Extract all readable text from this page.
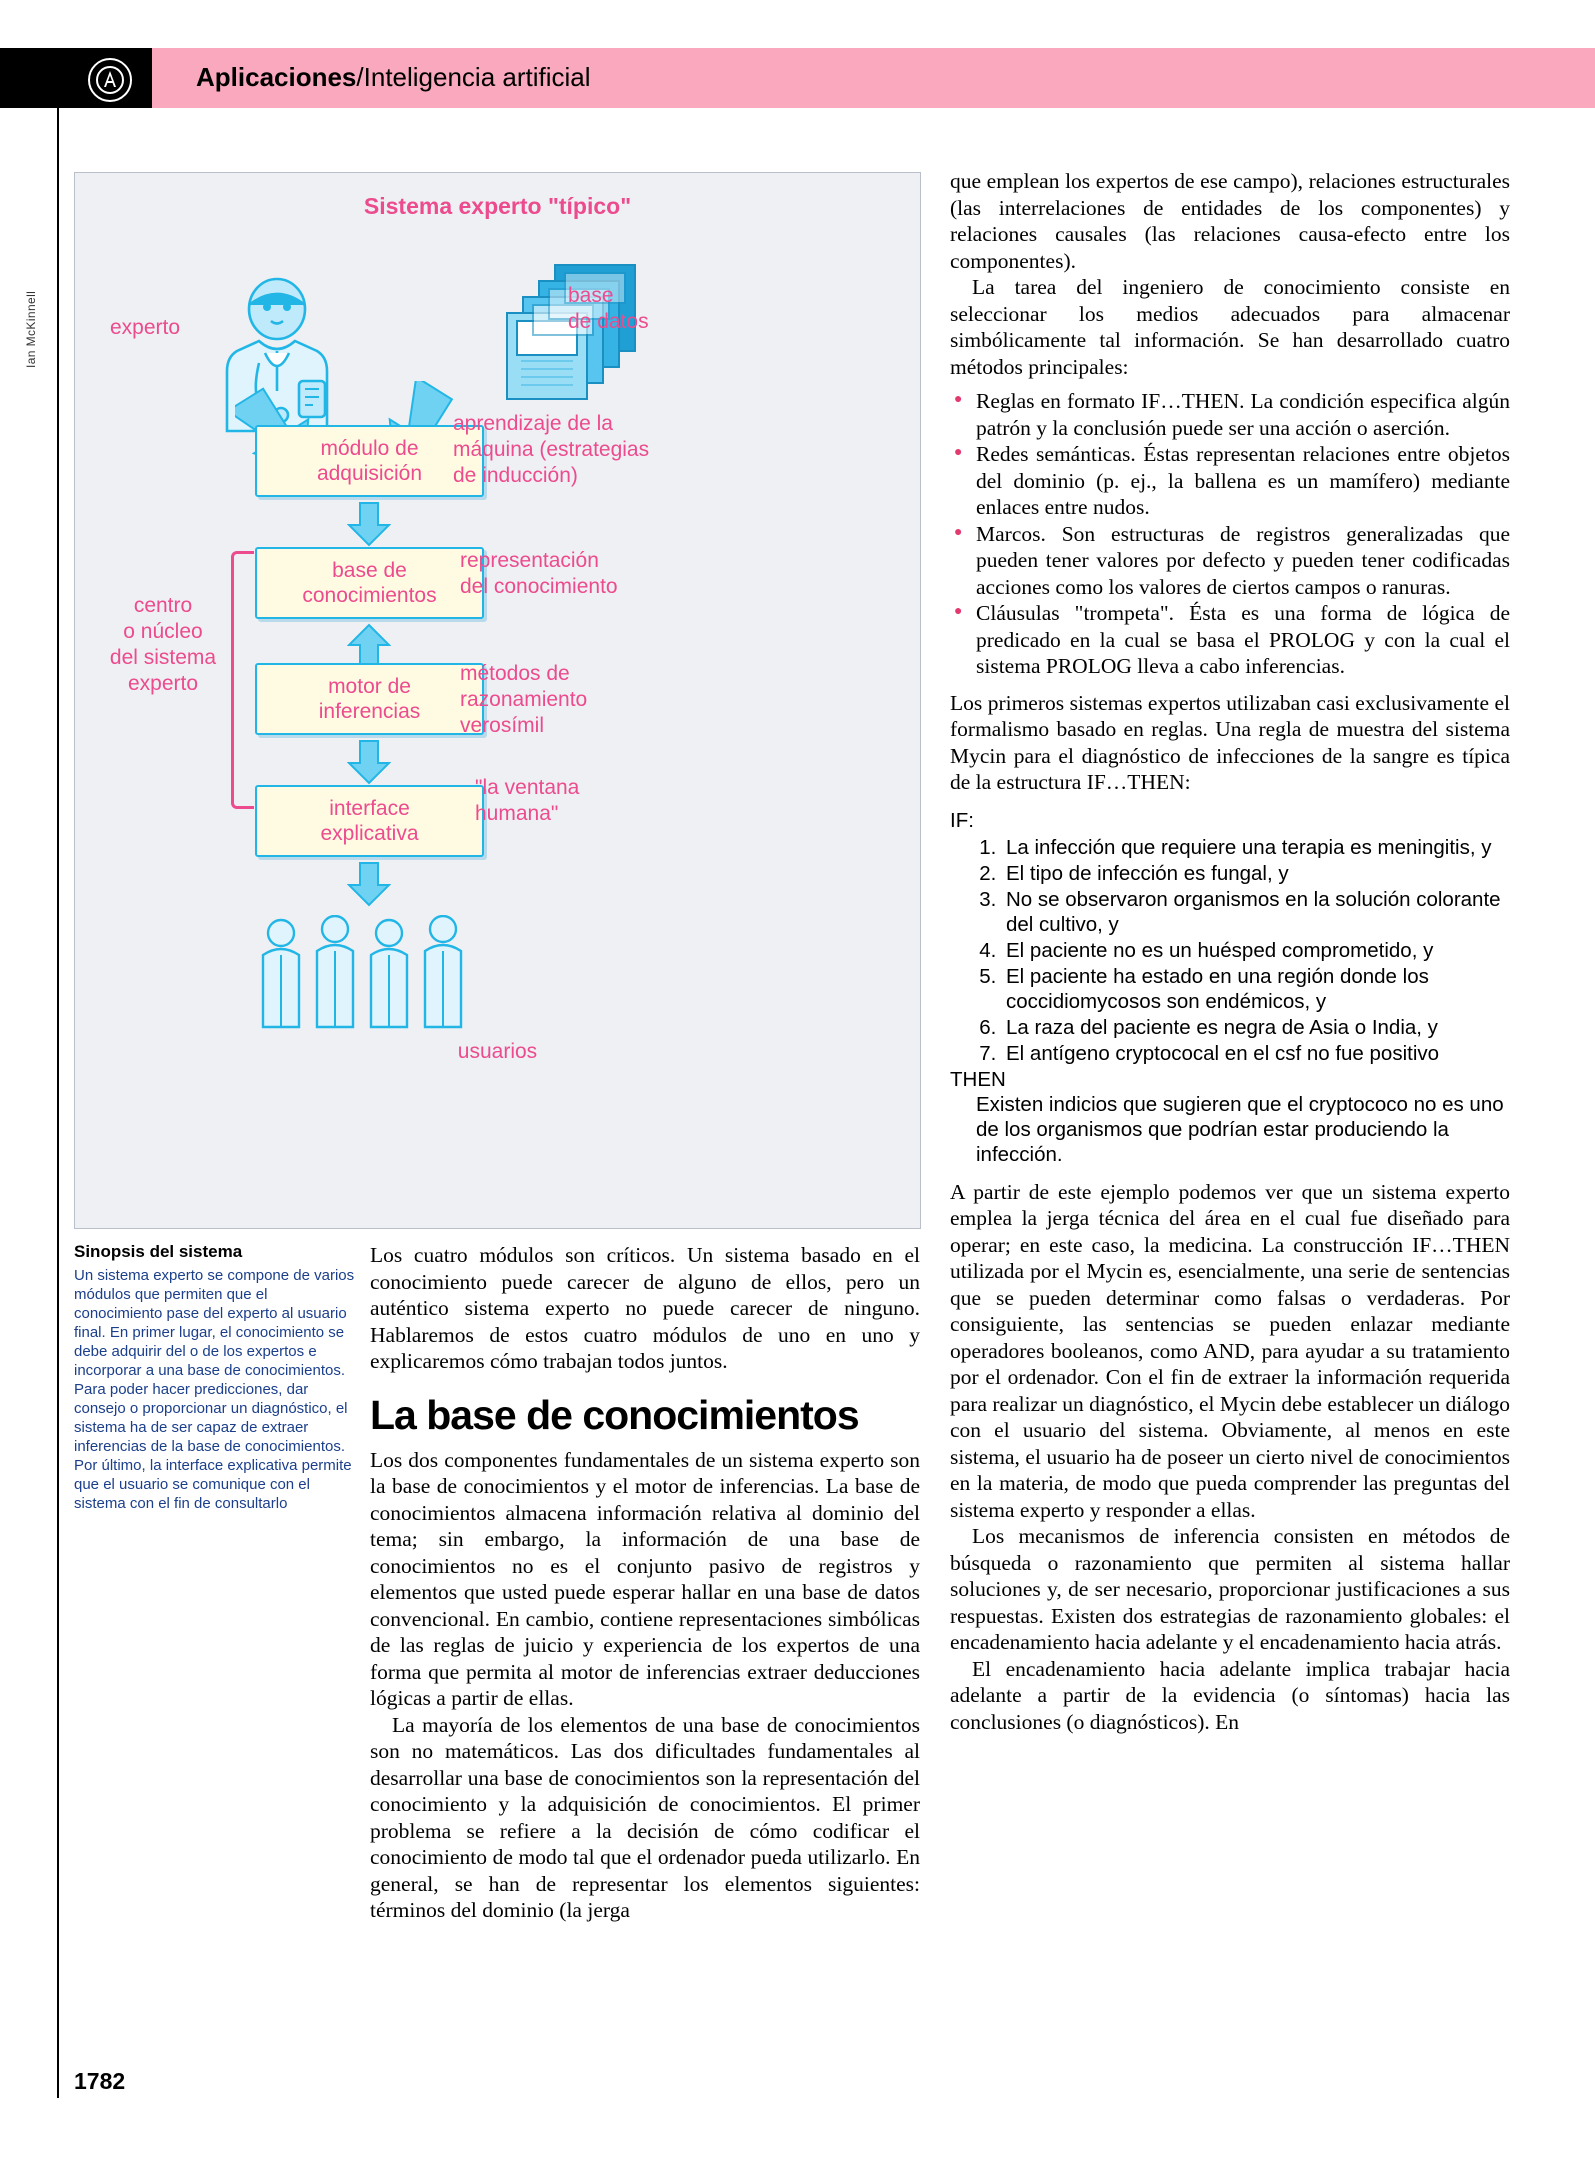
Aplicaciones/Inteligencia artificial
Ian McKinnell
Sistema experto "típico"
experto
base
de datos
módulo de
adquisición
base de
conocimientos
motor de
inferencias
interface
explicativa
usuarios
aprendizaje de la
máquina (estrategias
de inducción)
representación
del conocimiento
métodos de
razonamiento
verosímil
"la ventana
humana"
centro
o núcleo
del sistema
experto
Sinopsis del sistema

Un sistema experto se compone de varios módulos que permiten que el conocimiento pase del experto al usuario final. En primer lugar, el conocimiento se debe adquirir del o de los expertos e incorporar a una base de conocimientos. Para poder hacer predicciones, dar consejo o proporcionar un diagnóstico, el sistema ha de ser capaz de extraer inferencias de la base de conocimientos. Por último, la interface explicativa permite que el usuario se comunique con el sistema con el fin de consultarlo

Los cuatro módulos son críticos. Un sistema basado en el conocimiento puede carecer de alguno de ellos, pero un auténtico sistema experto no puede carecer de ninguno. Hablaremos de estos cuatro módulos de uno en uno y explicaremos cómo trabajan todos juntos.

La base de conocimientos

Los dos componentes fundamentales de un sistema experto son la base de conocimientos y el motor de inferencias. La base de conocimientos almacena información relativa al dominio del tema; sin embargo, la información de una base de conocimientos no es el conjunto pasivo de registros y elementos que usted puede esperar hallar en una base de datos convencional. En cambio, contiene representaciones simbólicas de las reglas de juicio y experiencia de los expertos de una forma que permita al motor de inferencias extraer deducciones lógicas a partir de ellas.

La mayoría de los elementos de una base de conocimientos son no matemáticos. Las dos dificultades fundamentales al desarrollar una base de conocimientos son la representación del conocimiento y la adquisición de conocimientos. El primer problema se refiere a la decisión de cómo codificar el conocimiento de modo tal que el ordenador pueda utilizarlo. En general, se han de representar los elementos siguientes: términos del dominio (la jerga

que emplean los expertos de ese campo), relaciones estructurales (las interrelaciones de entidades de los componentes) y relaciones causales (las relaciones causa-efecto entre los componentes).

La tarea del ingeniero de conocimiento consiste en seleccionar los medios adecuados para almacenar simbólicamente tal información. Se han desarrollado cuatro métodos principales:

● Reglas en formato IF…THEN. La condición especifica algún patrón y la conclusión puede ser una acción o aserción.
● Redes semánticas. Éstas representan relaciones entre objetos del dominio (p. ej., la ballena es un mamífero) mediante enlaces entre nudos.
● Marcos. Son estructuras de registros generalizadas que pueden tener valores por defecto y pueden tener codificadas acciones como los valores de ciertos campos o ranuras.
● Cláusulas "trompeta". Ésta es una forma de lógica de predicado en la cual se basa el PROLOG y con la cual el sistema PROLOG lleva a cabo inferencias.

Los primeros sistemas expertos utilizaban casi exclusivamente el formalismo basado en reglas. Una regla de muestra del sistema Mycin para el diagnóstico de infecciones de la sangre es típica de la estructura IF…THEN:

IF:
1. La infección que requiere una terapia es meningitis, y
2. El tipo de infección es fungal, y
3. No se observaron organismos en la solución colorante del cultivo, y
4. El paciente no es un huésped comprometido, y
5. El paciente ha estado en una región donde los coccidiomycosos son endémicos, y
6. La raza del paciente es negra de Asia o India, y
7. El antígeno cryptococal en el csf no fue positivo
THEN
Existen indicios que sugieren que el cryptococo no es uno de los organismos que podrían estar produciendo la infección.

A partir de este ejemplo podemos ver que un sistema experto emplea la jerga técnica del área en el cual fue diseñado para operar; en este caso, la medicina. La construcción IF…THEN utilizada por el Mycin es, esencialmente, una serie de sentencias que se pueden determinar como falsas o verdaderas. Por consiguiente, las sentencias se pueden enlazar mediante operadores booleanos, como AND, para ayudar a su tratamiento por el ordenador. Con el fin de extraer la información requerida para realizar un diagnóstico, el Mycin debe establecer un diálogo con el usuario del sistema. Obviamente, al menos en este sistema, el usuario ha de poseer un cierto nivel de conocimientos en la materia, de modo que pueda comprender las preguntas del sistema experto y responder a ellas.

Los mecanismos de inferencia consisten en métodos de búsqueda o razonamiento que permiten al sistema hallar soluciones y, de ser necesario, proporcionar justificaciones a sus respuestas. Existen dos estrategias de razonamiento globales: el encadenamiento hacia adelante y el encadenamiento hacia atrás.

El encadenamiento hacia adelante implica trabajar hacia adelante a partir de la evidencia (o síntomas) hacia las conclusiones (o diagnósticos). En

1782
